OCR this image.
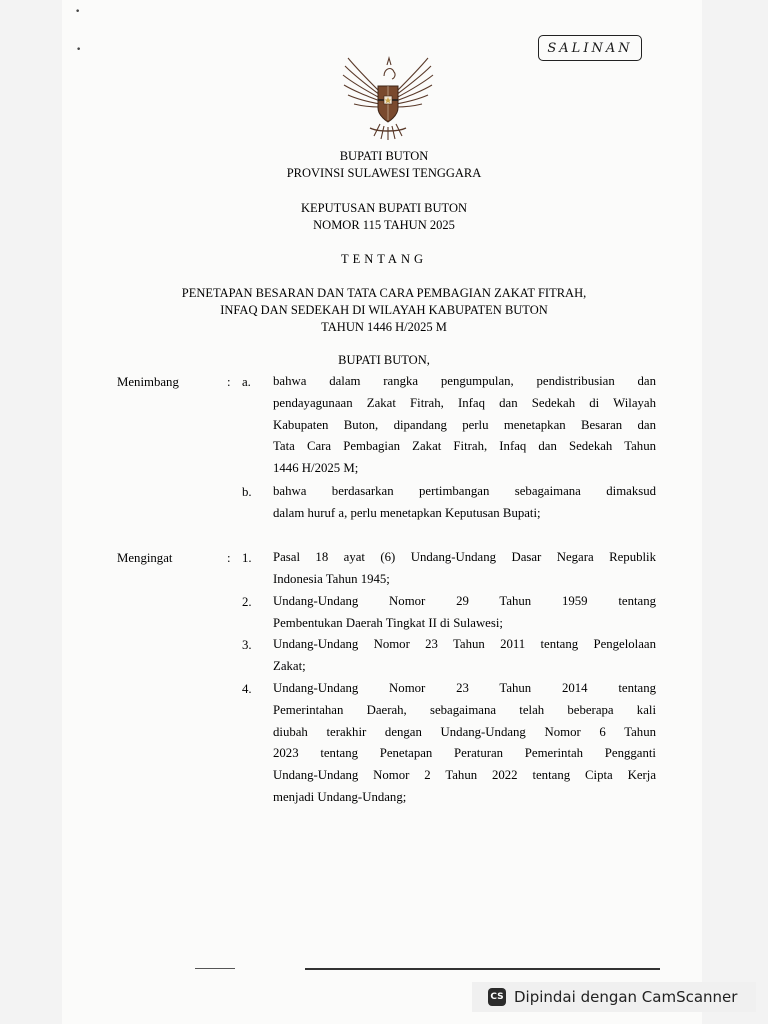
•
•	SALINAN
BUPATI BUTON
PROVINSI SULAWESI TENGGARA
KEPUTUSAN BUPATI BUTON
NOMOR 115 TAHUN 2025
TENTANG
PENETAPAN BESARAN DAN TATA CARA PEMBAGIAN ZAKAT FITRAH,
INFAQ DAN SEDEKAH DI WILAYAH KABUPATEN BUTON
TAHUN 1446 H/2025 M
BUPATI BUTON,
Menimbang	: a. bahwa dalam rangka pengumpulan, pendistribusian dan
pendayagunaan Zakat Fitrah, Infaq dan Sedekah di Wilayah
Kabupaten Buton, dipandang perlu menetapkan Besaran dan
Tata Cara Pembagian Zakat Fitrah, Infaq dan Sedekah Tahun
1446 H/2025 M;
b. bahwa berdasarkan pertimbangan sebagaimana dimaksud
dalam huruf a, perlu menetapkan Keputusan Bupati;
Mengingat	: 1. Pasal 18 ayat (6) Undang-Undang Dasar Negara Republik
Indonesia Tahun 1945;
2. Undang-Undang Nomor 29 Tahun 1959 tentang
Pembentukan Daerah Tingkat II di Sulawesi;
3. Undang-Undang Nomor 23 Tahun 2011 tentang Pengelolaan
Zakat;
4. Undang-Undang Nomor 23 Tahun 2014 tentang
Pemerintahan Daerah, sebagaimana telah beberapa kali
diubah terakhir dengan Undang-Undang Nomor 6 Tahun
2023 tentang Penetapan Peraturan Pemerintah Pengganti
Undang-Undang Nomor 2 Tahun 2022 tentang Cipta Kerja
menjadi Undang-Undang;
CS Dipindai dengan CamScanner
